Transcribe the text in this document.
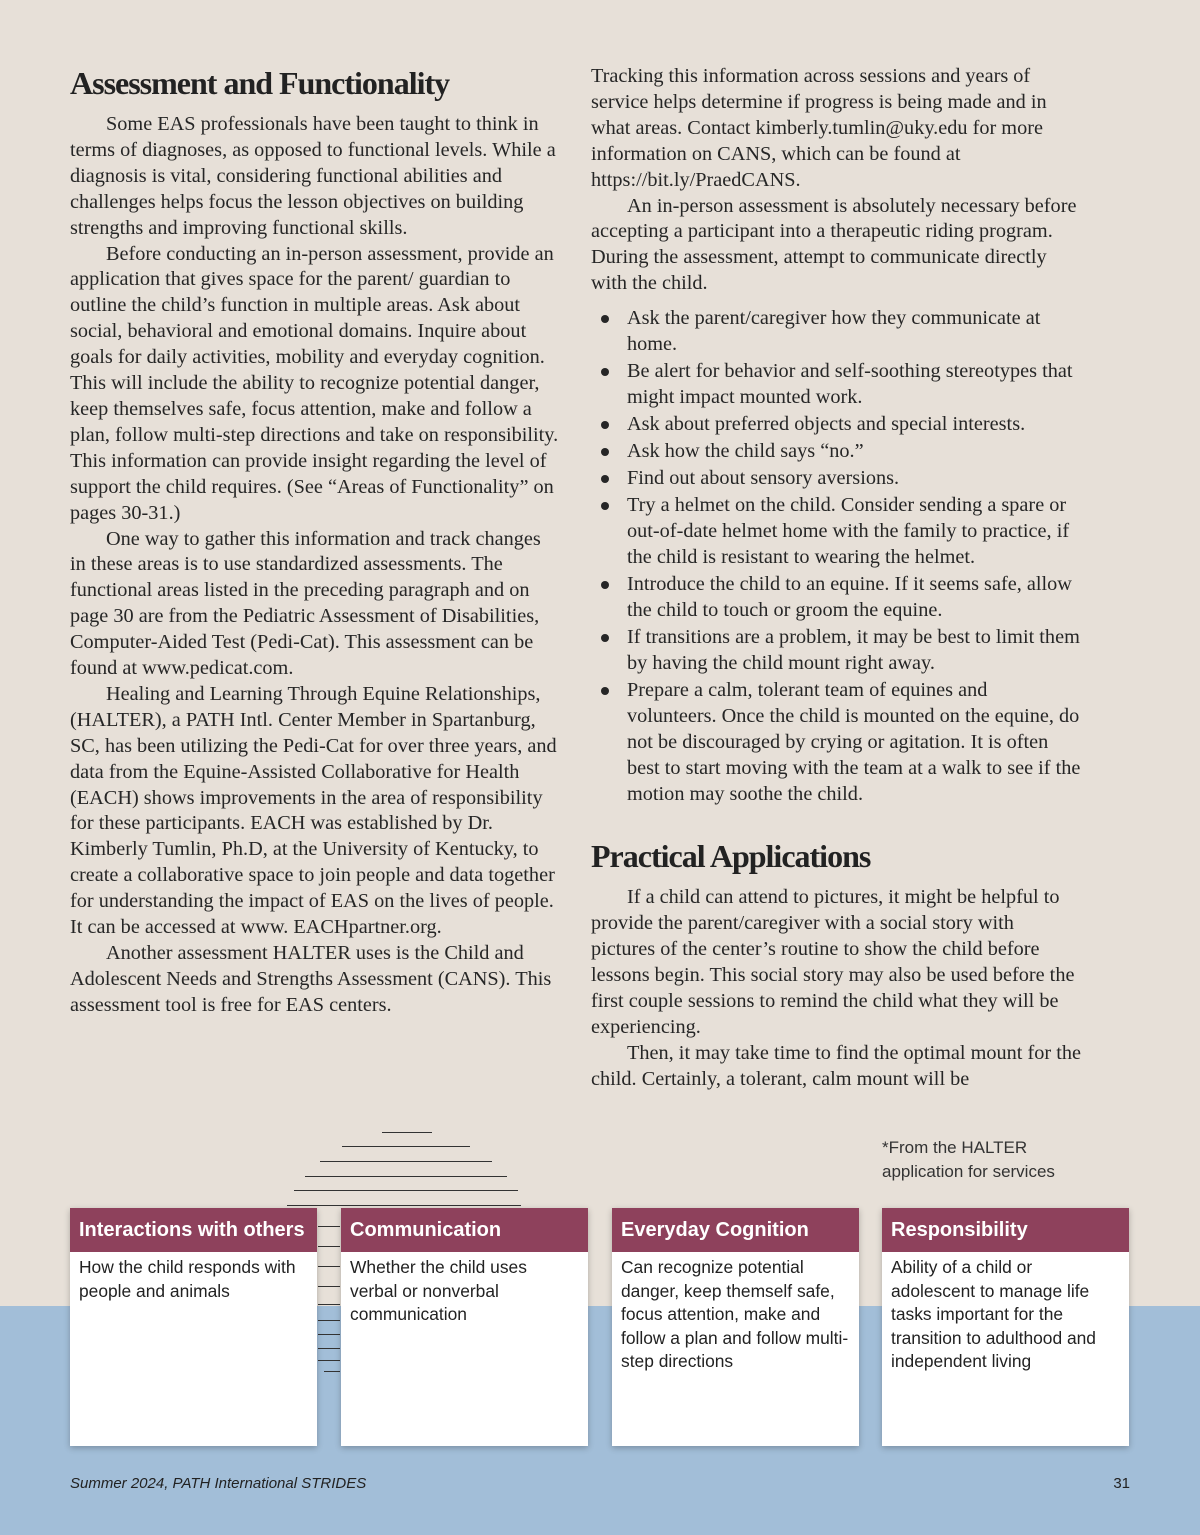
Assessment and Functionality

Some EAS professionals have been taught to think in terms of diagnoses, as opposed to functional levels. While a diagnosis is vital, considering functional abilities and challenges helps focus the lesson objectives on building strengths and improving functional skills.

Before conducting an in-person assessment, provide an application that gives space for the parent/ guardian to outline the child’s function in multiple areas. Ask about social, behavioral and emotional domains. Inquire about goals for daily activities, mobility and everyday cognition. This will include the ability to recognize potential danger, keep themselves safe, focus attention, make and follow a plan, follow multi-step directions and take on responsibility.

This information can provide insight regarding the level of support the child requires. (See “Areas of Functionality” on pages 30-31.)

One way to gather this information and track changes in these areas is to use standardized assessments. The functional areas listed in the preceding paragraph and on page 30 are from the Pediatric Assessment of Disabilities, Computer-Aided Test (Pedi-Cat). This assessment can be found at www.pedicat.com.

Healing and Learning Through Equine Relationships, (HALTER), a PATH Intl. Center Member in Spartanburg, SC, has been utilizing the Pedi-Cat for over three years, and data from the Equine-Assisted Collaborative for Health (EACH) shows improvements in the area of responsibility for these participants. EACH was established by Dr. Kimberly Tumlin, Ph.D, at the University of Kentucky, to create a collaborative space to join people and data together for understanding the impact of EAS on the lives of people. It can be accessed at www. EACHpartner.org.

Another assessment HALTER uses is the Child and Adolescent Needs and Strengths Assessment (CANS). This assessment tool is free for EAS centers.

Tracking this information across sessions and years of service helps determine if progress is being made and in what areas. Contact kimberly.tumlin@uky.edu for more information on CANS, which can be found at https://bit.ly/PraedCANS.

An in-person assessment is absolutely necessary before accepting a participant into a therapeutic riding program. During the assessment, attempt to communicate directly with the child.

Ask the parent/caregiver how they communicate at home.
Be alert for behavior and self-soothing stereotypes that might impact mounted work.
Ask about preferred objects and special interests.
Ask how the child says “no.”
Find out about sensory aversions.
Try a helmet on the child. Consider sending a spare or out-of-date helmet home with the family to practice, if the child is resistant to wearing the helmet.
Introduce the child to an equine. If it seems safe, allow the child to touch or groom the equine.
If transitions are a problem, it may be best to limit them by having the child mount right away.
Prepare a calm, tolerant team of equines and volunteers. Once the child is mounted on the equine, do not be discouraged by crying or agitation. It is often best to start moving with the team at a walk to see if the motion may soothe the child.
Practical Applications

If a child can attend to pictures, it might be helpful to provide the parent/caregiver with a social story with pictures of the center’s routine to show the child before lessons begin. This social story may also be used before the first couple sessions to remind the child what they will be experiencing.

Then, it may take time to find the optimal mount for the child. Certainly, a tolerant, calm mount will be

*From the HALTER application for services
Interactions with others
How the child responds with people and animals
Communication
Whether the child uses verbal or nonverbal communication
Everyday Cognition
Can recognize potential danger, keep themself safe, focus attention, make and follow a plan and follow multi-step directions
Responsibility
Ability of a child or adolescent to manage life tasks important for the transition to adulthood and independent living
Summer 2024, PATH International STRIDES	31
